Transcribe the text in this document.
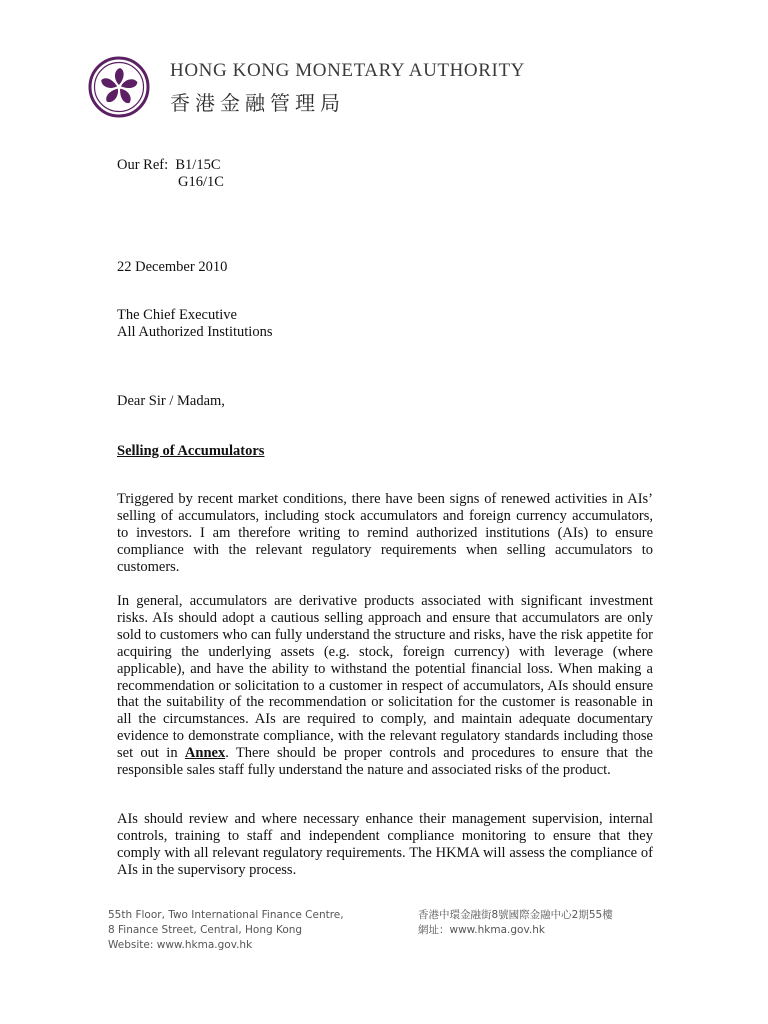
HONG KONG MONETARY AUTHORITY
香港金融管理局
Our Ref: B1/15C
G16/1C
22 December 2010
The Chief Executive
All Authorized Institutions
Dear Sir / Madam,
Selling of Accumulators
Triggered by recent market conditions, there have been signs of renewed activities in AIs’ selling of accumulators, including stock accumulators and foreign currency accumulators, to investors. I am therefore writing to remind authorized institutions (AIs) to ensure compliance with the relevant regulatory requirements when selling accumulators to customers.
In general, accumulators are derivative products associated with significant investment risks. AIs should adopt a cautious selling approach and ensure that accumulators are only sold to customers who can fully understand the structure and risks, have the risk appetite for acquiring the underlying assets (e.g. stock, foreign currency) with leverage (where applicable), and have the ability to withstand the potential financial loss. When making a recommendation or solicitation to a customer in respect of accumulators, AIs should ensure that the suitability of the recommendation or solicitation for the customer is reasonable in all the circumstances. AIs are required to comply, and maintain adequate documentary evidence to demonstrate compliance, with the relevant regulatory standards including those set out in Annex. There should be proper controls and procedures to ensure that the responsible sales staff fully understand the nature and associated risks of the product.
AIs should review and where necessary enhance their management supervision, internal controls, training to staff and independent compliance monitoring to ensure that they comply with all relevant regulatory requirements. The HKMA will assess the compliance of AIs in the supervisory process.
55th Floor, Two International Finance Centre,
8 Finance Street, Central, Hong Kong
Website: www.hkma.gov.hk
香港中環金融街8號國際金融中心2期55樓
網址：www.hkma.gov.hk
